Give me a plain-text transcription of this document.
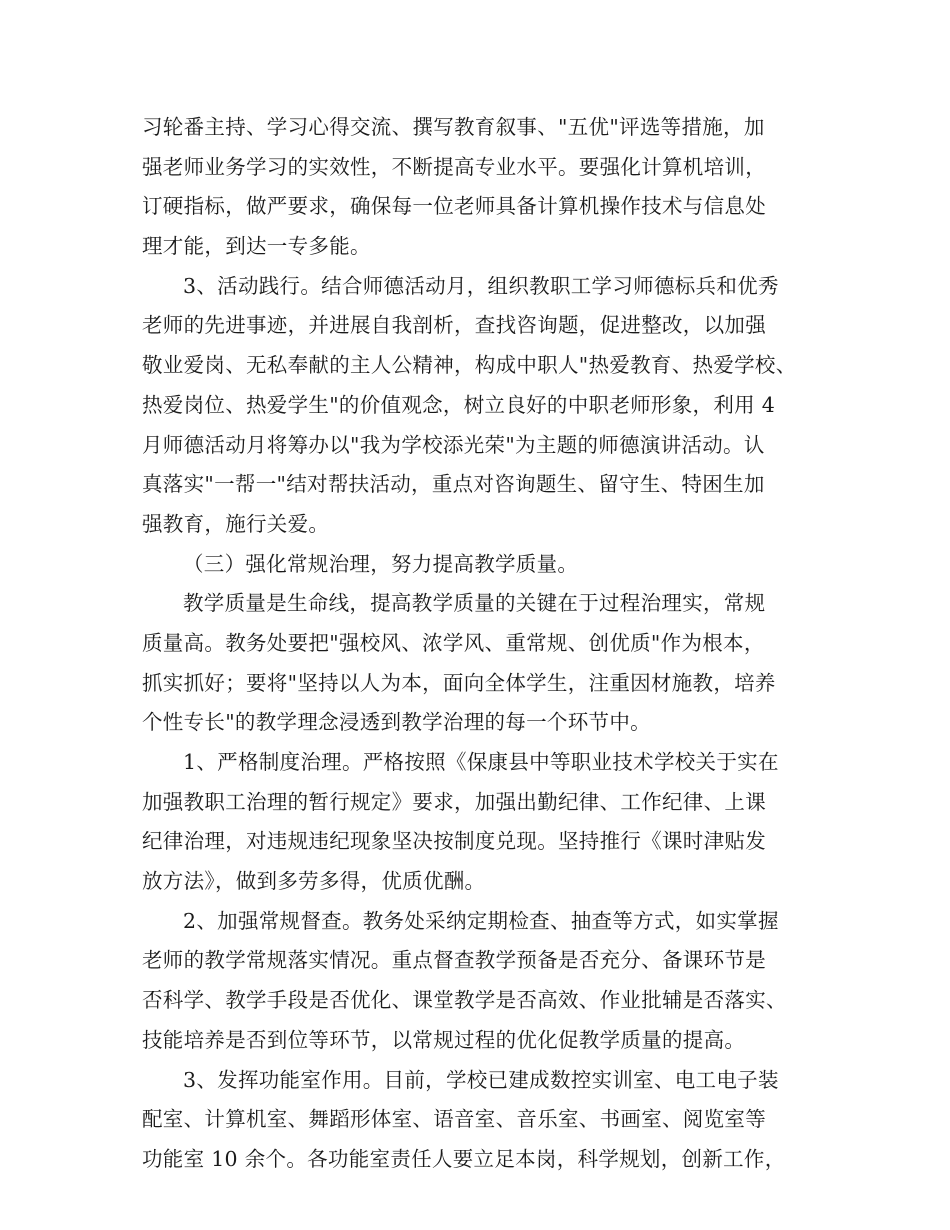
习轮番主持、学习心得交流、撰写教育叙事、"五优"评选等措施，加
强老师业务学习的实效性，不断提高专业水平。要强化计算机培训，
订硬指标，做严要求，确保每一位老师具备计算机操作技术与信息处
理才能，到达一专多能。
3、活动践行。结合师德活动月，组织教职工学习师德标兵和优秀
老师的先进事迹，并进展自我剖析，查找咨询题，促进整改，以加强
敬业爱岗、无私奉献的主人公精神，构成中职人"热爱教育、热爱学校、
热爱岗位、热爱学生"的价值观念，树立良好的中职老师形象，利用 4
月师德活动月将筹办以"我为学校添光荣"为主题的师德演讲活动。认
真落实"一帮一"结对帮扶活动，重点对咨询题生、留守生、特困生加
强教育，施行关爱。
（三）强化常规治理，努力提高教学质量。
教学质量是生命线，提高教学质量的关键在于过程治理实，常规
质量高。教务处要把"强校风、浓学风、重常规、创优质"作为根本，
抓实抓好；要将"坚持以人为本，面向全体学生，注重因材施教，培养
个性专长"的教学理念浸透到教学治理的每一个环节中。
1、严格制度治理。严格按照《保康县中等职业技术学校关于实在
加强教职工治理的暂行规定》要求，加强出勤纪律、工作纪律、上课
纪律治理，对违规违纪现象坚决按制度兑现。坚持推行《课时津贴发
放方法》，做到多劳多得，优质优酬。
2、加强常规督查。教务处采纳定期检查、抽查等方式，如实掌握
老师的教学常规落实情况。重点督查教学预备是否充分、备课环节是
否科学、教学手段是否优化、课堂教学是否高效、作业批辅是否落实、
技能培养是否到位等环节，以常规过程的优化促教学质量的提高。
3、发挥功能室作用。目前，学校已建成数控实训室、电工电子装
配室、计算机室、舞蹈形体室、语音室、音乐室、书画室、阅览室等
功能室 10 余个。各功能室责任人要立足本岗，科学规划，创新工作，
